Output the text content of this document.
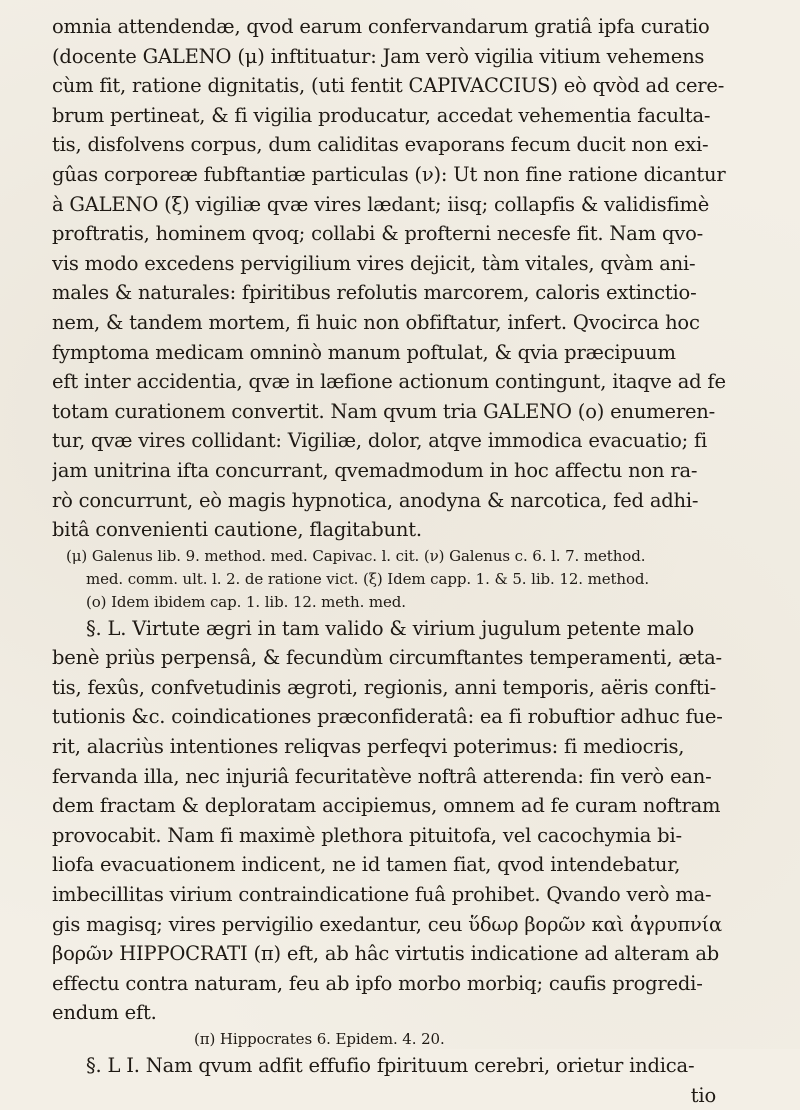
omnia attendendæ, qvod earum confervandarum gratiâ ipfa curatio
(docente GALENO (μ) inftituatur: Jam verò vigilia vitium vehemens
cùm fit, ratione dignitatis, (uti fentit CAPIVACCIUS) eò qvòd ad cere-
brum pertineat, & fi vigilia producatur, accedat vehementia faculta-
tis, disfolvens corpus, dum caliditas evaporans fecum ducit non exi-
gûas corporeæ fubftantiæ particulas (ν): Ut non fine ratione dicantur
à GALENO (ξ) vigiliæ qvæ vires lædant; iisq; collapfis & validisfimè
proftratis, hominem qvoq; collabi & profterni necesfe fit. Nam qvo-
vis modo excedens pervigilium vires dejicit, tàm vitales, qvàm ani-
males & naturales: fpiritibus refolutis marcorem, caloris extinctio-
nem, & tandem mortem, fi huic non obfiftatur, infert. Qvocirca hoc
fymptoma medicam omninò manum poftulat, & qvia præcipuum
eft inter accidentia, qvæ in læfione actionum contingunt, itaqve ad fe
totam curationem convertit. Nam qvum tria GALENO (ο) enumeren-
tur, qvæ vires collidant: Vigiliæ, dolor, atqve immodica evacuatio; fi
jam unitrina ifta concurrant, qvemadmodum in hoc affectu non ra-
rò concurrunt, eò magis hypnotica, anodyna & narcotica, fed adhi-
bitâ convenienti cautione, flagitabunt.
(μ) Galenus lib. 9. method. med. Capivac. l. cit. (ν) Galenus c. 6. l. 7. method.
med. comm. ult. l. 2. de ratione vict. (ξ) Idem capp. 1. & 5. lib. 12. method.
(ο) Idem ibidem cap. 1. lib. 12. meth. med.
§. L. Virtute ægri in tam valido & virium jugulum petente malo
benè priùs perpensâ, & fecundùm circumftantes temperamenti, æta-
tis, fexûs, confvetudinis ægroti, regionis, anni temporis, aëris confti-
tutionis &c. coindicationes præconfideratâ: ea fi robuftior adhuc fue-
rit, alacriùs intentiones reliqvas perfeqvi poterimus: fi mediocris,
fervanda illa, nec injuriâ fecuritatève noftrâ atterenda: fin verò ean-
dem fractam & deploratam accipiemus, omnem ad fe curam noftram
provocabit. Nam fi maximè plethora pituitofa, vel cacochymia bi-
liofa evacuationem indicent, ne id tamen fiat, qvod intendebatur,
imbecillitas virium contraindicatione fuâ prohibet. Qvando verò ma-
gis magisq; vires pervigilio exedantur, ceu ὕδωρ βορῶν καὶ ἀγρυπνία
βορῶν HIPPOCRATI (π) eft, ab hâc virtutis indicatione ad alteram ab
effectu contra naturam, feu ab ipfo morbo morbiq; caufis progredi-
endum eft.
(π) Hippocrates 6. Epidem. 4. 20.
§. L I. Nam qvum adfit effufio fpirituum cerebri, orietur indica-
tio
